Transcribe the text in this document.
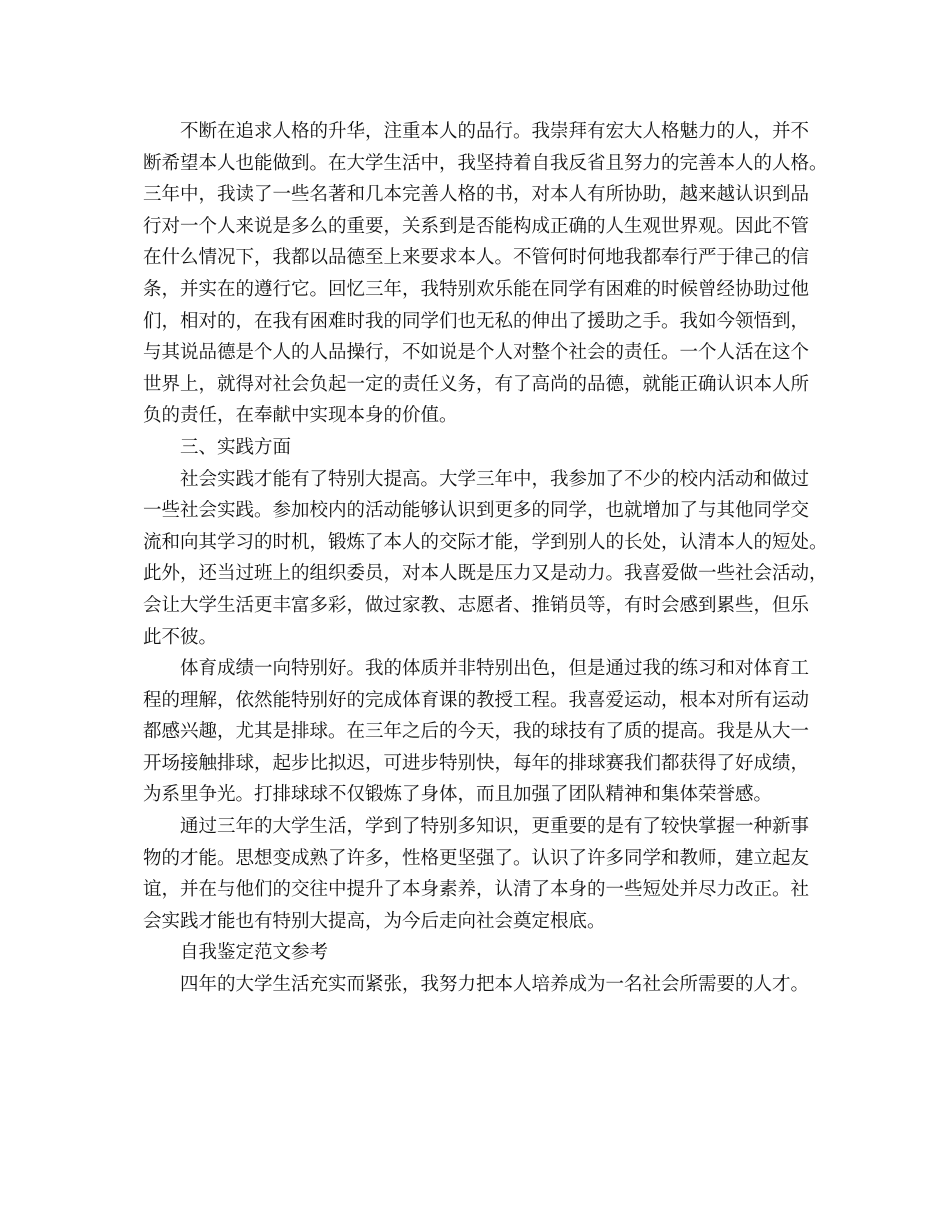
不断在追求人格的升华，注重本人的品行。我崇拜有宏大人格魅力的人，并不
断希望本人也能做到。在大学生活中，我坚持着自我反省且努力的完善本人的人格。
三年中，我读了一些名著和几本完善人格的书，对本人有所协助，越来越认识到品
行对一个人来说是多么的重要，关系到是否能构成正确的人生观世界观。因此不管
在什么情况下，我都以品德至上来要求本人。不管何时何地我都奉行严于律己的信
条，并实在的遵行它。回忆三年，我特别欢乐能在同学有困难的时候曾经协助过他
们，相对的，在我有困难时我的同学们也无私的伸出了援助之手。我如今领悟到，
与其说品德是个人的人品操行，不如说是个人对整个社会的责任。一个人活在这个
世界上，就得对社会负起一定的责任义务，有了高尚的品德，就能正确认识本人所
负的责任，在奉献中实现本身的价值。
三、实践方面
社会实践才能有了特别大提高。大学三年中，我参加了不少的校内活动和做过
一些社会实践。参加校内的活动能够认识到更多的同学，也就增加了与其他同学交
流和向其学习的时机，锻炼了本人的交际才能，学到别人的长处，认清本人的短处。
此外，还当过班上的组织委员，对本人既是压力又是动力。我喜爱做一些社会活动，
会让大学生活更丰富多彩，做过家教、志愿者、推销员等，有时会感到累些，但乐
此不彼。
体育成绩一向特别好。我的体质并非特别出色，但是通过我的练习和对体育工
程的理解，依然能特别好的完成体育课的教授工程。我喜爱运动，根本对所有运动
都感兴趣，尤其是排球。在三年之后的今天，我的球技有了质的提高。我是从大一
开场接触排球，起步比拟迟，可进步特别快，每年的排球赛我们都获得了好成绩，
为系里争光。打排球球不仅锻炼了身体，而且加强了团队精神和集体荣誉感。
通过三年的大学生活，学到了特别多知识，更重要的是有了较快掌握一种新事
物的才能。思想变成熟了许多，性格更坚强了。认识了许多同学和教师，建立起友
谊，并在与他们的交往中提升了本身素养，认清了本身的一些短处并尽力改正。社
会实践才能也有特别大提高，为今后走向社会奠定根底。
自我鉴定范文参考
四年的大学生活充实而紧张，我努力把本人培养成为一名社会所需要的人才。
